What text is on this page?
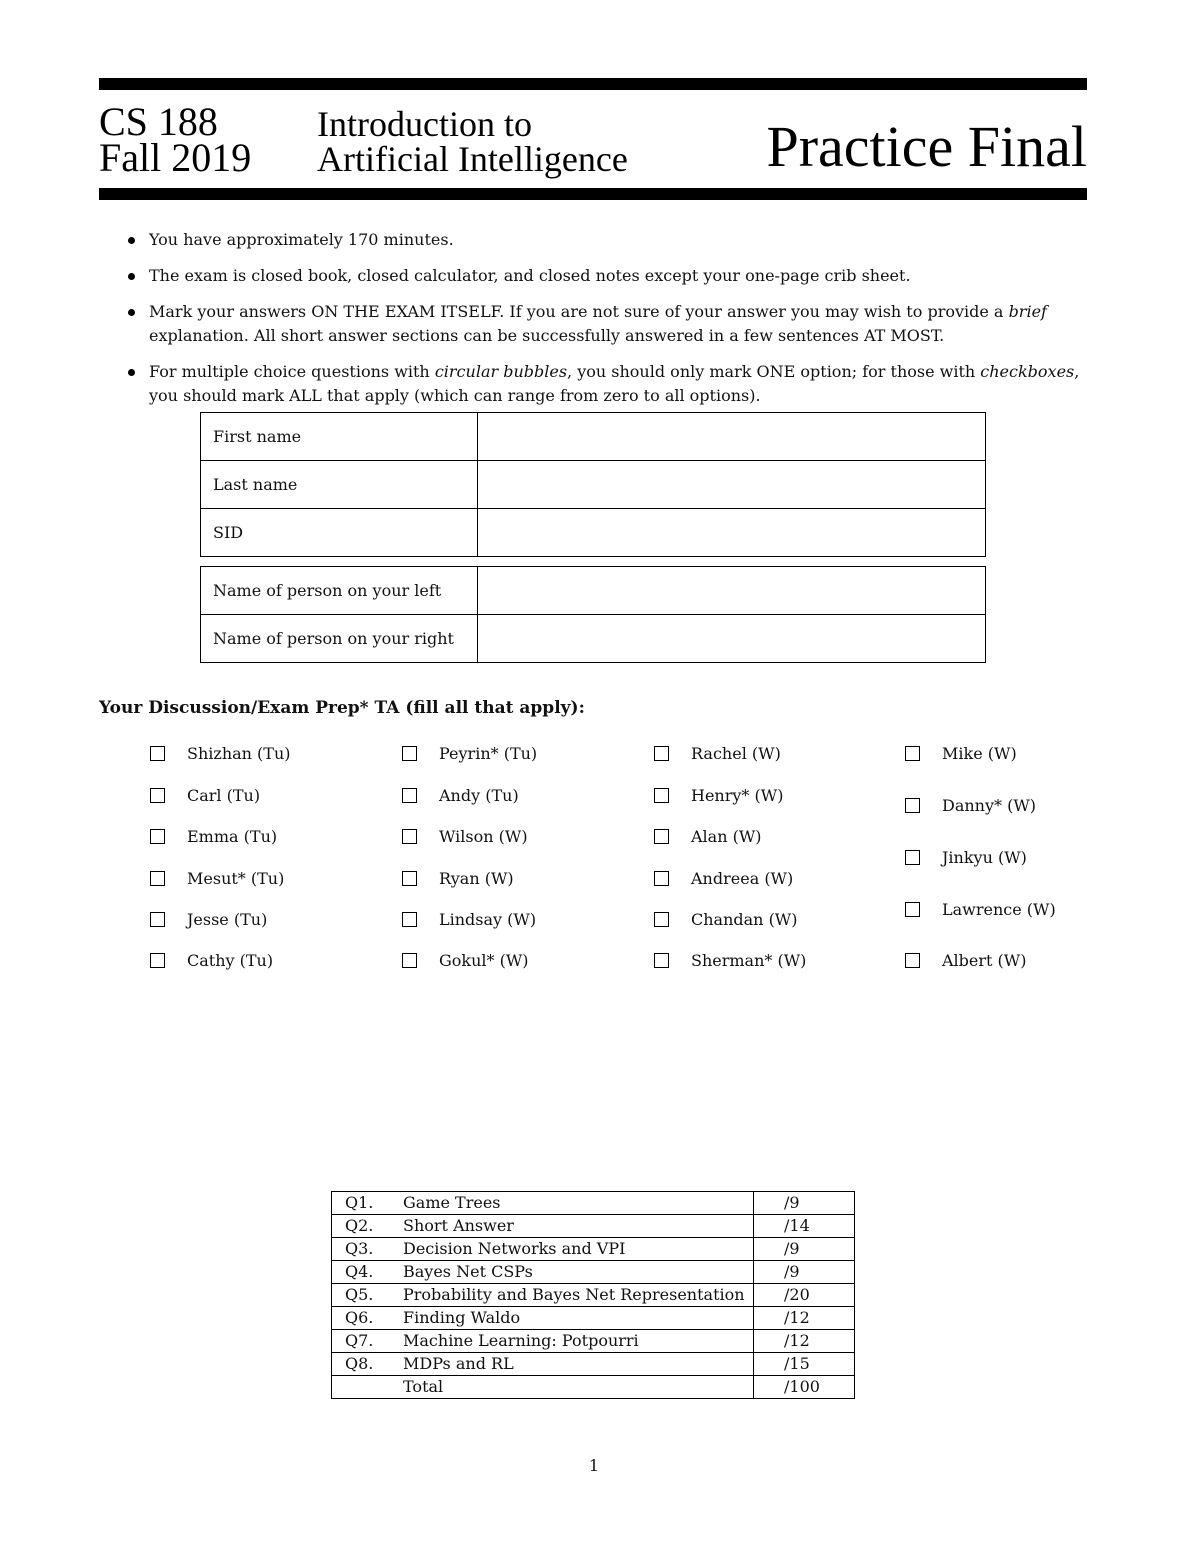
CS 188
Fall 2019
Introduction to
Artificial Intelligence Practice Final
You have approximately 170 minutes.
The exam is closed book, closed calculator, and closed notes except your one-page crib sheet.
Mark your answers ON THE EXAM ITSELF. If you are not sure of your answer you may wish to provide a brief explanation. All short answer sections can be successfully answered in a few sentences AT MOST.
For multiple choice questions with circular bubbles, you should only mark ONE option; for those with checkboxes, you should mark ALL that apply (which can range from zero to all options).
First name	
Last name	
SID	
Name of person on your left	
Name of person on your right	
Your Discussion/Exam Prep* TA (fill all that apply):
Shizhan (Tu)
Carl (Tu)
Emma (Tu)
Mesut* (Tu)
Jesse (Tu)
Cathy (Tu)
Peyrin* (Tu)
Andy (Tu)
Wilson (W)
Ryan (W)
Lindsay (W)
Gokul* (W)
Rachel (W)
Henry* (W)
Alan (W)
Andreea (W)
Chandan (W)
Sherman* (W)
Mike (W)
Danny* (W)
Jinkyu (W)
Lawrence (W)
Albert (W)
Q1.	Game Trees	/9
Q2.	Short Answer	/14
Q3.	Decision Networks and VPI	/9
Q4.	Bayes Net CSPs	/9
Q5.	Probability and Bayes Net Representation	/20
Q6.	Finding Waldo	/12
Q7.	Machine Learning: Potpourri	/12
Q8.	MDPs and RL	/15
	Total	/100
1
